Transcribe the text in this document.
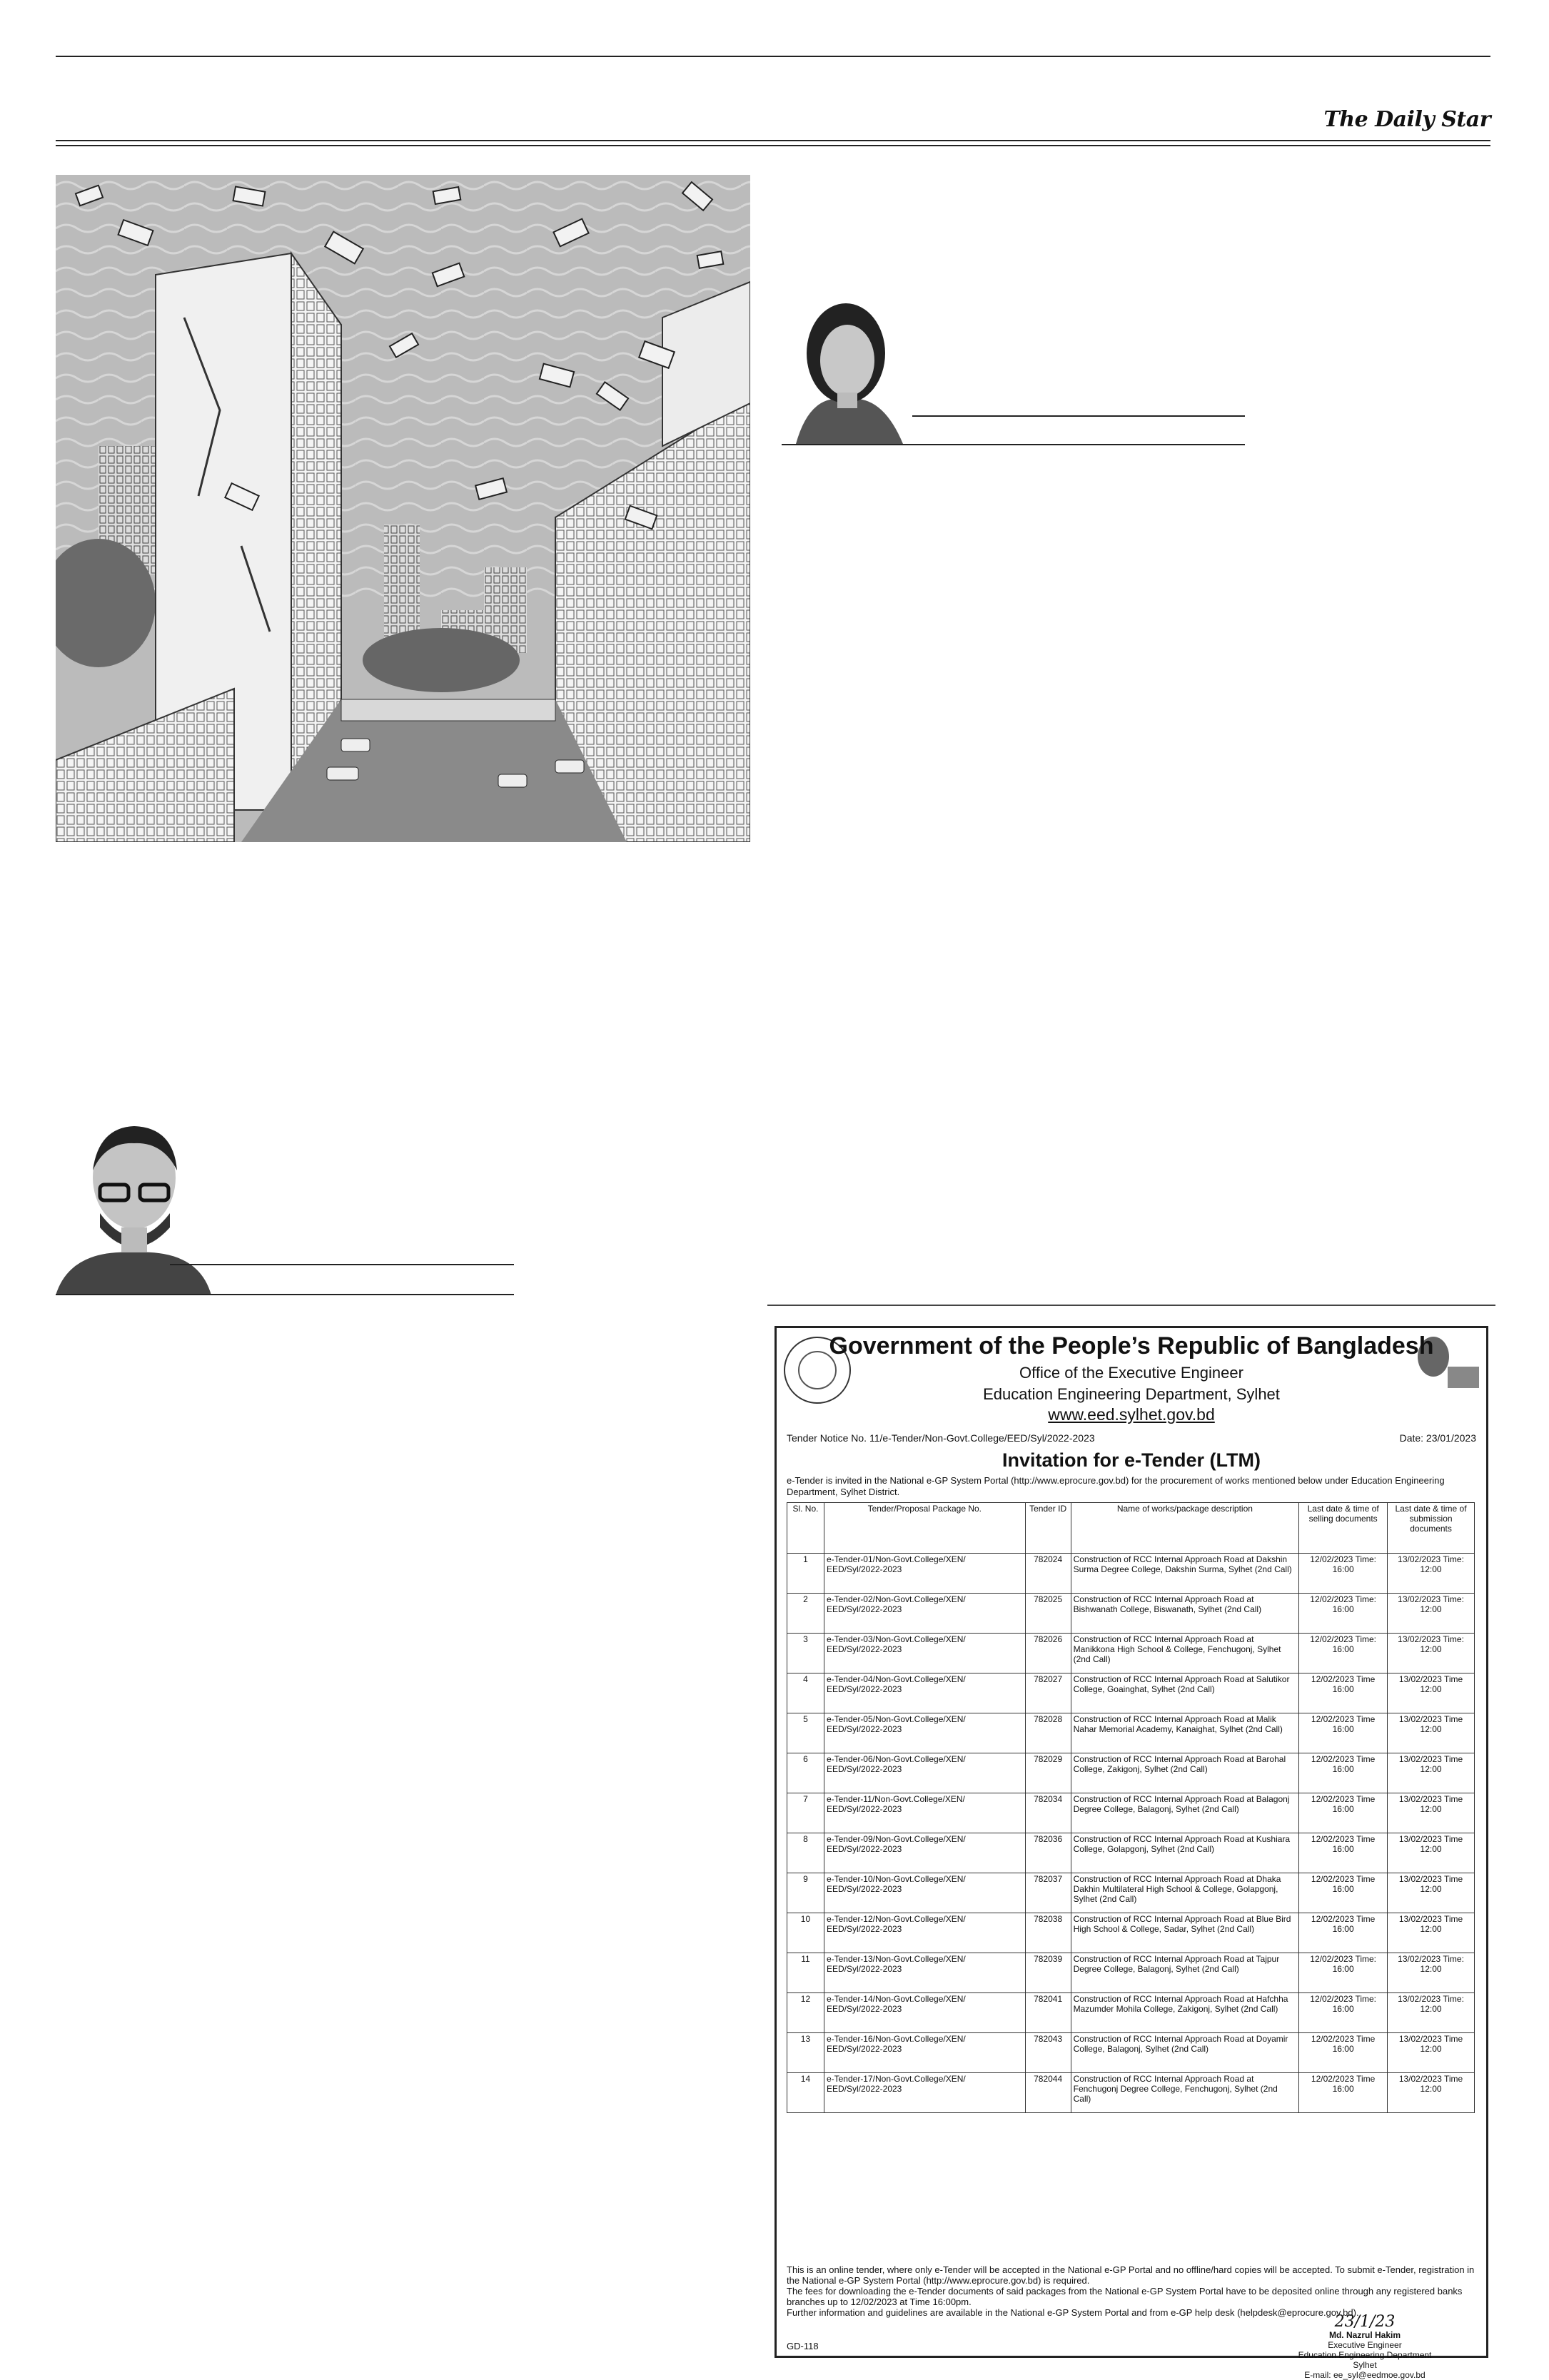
The Daily Star
Government of the People’s Republic of Bangladesh
Office of the Executive Engineer
Education Engineering Department, Sylhet
www.eed.sylhet.gov.bd
Tender Notice No. 11/e-Tender/Non-Govt.College/EED/Syl/2022-2023	Date: 23/01/2023
Invitation for e-Tender (LTM)
e-Tender is invited in the National e-GP System Portal (http://www.eprocure.gov.bd) for the procurement of works mentioned below under Education Engineering Department, Sylhet District.
Sl. No.	Tender/Proposal Package No.	Tender ID	Name of works/package description	Last date & time of selling documents	Last date & time of submission documents
1	e-Tender-01/Non-Govt.College/XEN/ EED/Syl/2022-2023	782024	Construction of RCC Internal Approach Road at Dakshin Surma Degree College, Dakshin Surma, Sylhet (2nd Call)	12/02/2023 Time: 16:00	13/02/2023 Time: 12:00
2	e-Tender-02/Non-Govt.College/XEN/ EED/Syl/2022-2023	782025	Construction of RCC Internal Approach Road at Bishwanath College, Biswanath, Sylhet (2nd Call)	12/02/2023 Time: 16:00	13/02/2023 Time: 12:00
3	e-Tender-03/Non-Govt.College/XEN/ EED/Syl/2022-2023	782026	Construction of RCC Internal Approach Road at Manikkona High School & College, Fenchugonj, Sylhet (2nd Call)	12/02/2023 Time: 16:00	13/02/2023 Time: 12:00
4	e-Tender-04/Non-Govt.College/XEN/ EED/Syl/2022-2023	782027	Construction of RCC Internal Approach Road at Salutikor College, Goainghat, Sylhet (2nd Call)	12/02/2023 Time 16:00	13/02/2023 Time 12:00
5	e-Tender-05/Non-Govt.College/XEN/ EED/Syl/2022-2023	782028	Construction of RCC Internal Approach Road at Malik Nahar Memorial Academy, Kanaighat, Sylhet (2nd Call)	12/02/2023 Time 16:00	13/02/2023 Time 12:00
6	e-Tender-06/Non-Govt.College/XEN/ EED/Syl/2022-2023	782029	Construction of RCC Internal Approach Road at Barohal College, Zakigonj, Sylhet (2nd Call)	12/02/2023 Time 16:00	13/02/2023 Time 12:00
7	e-Tender-11/Non-Govt.College/XEN/ EED/Syl/2022-2023	782034	Construction of RCC Internal Approach Road at Balagonj Degree College, Balagonj, Sylhet (2nd Call)	12/02/2023 Time 16:00	13/02/2023 Time 12:00
8	e-Tender-09/Non-Govt.College/XEN/ EED/Syl/2022-2023	782036	Construction of RCC Internal Approach Road at Kushiara College, Golapgonj, Sylhet (2nd Call)	12/02/2023 Time 16:00	13/02/2023 Time 12:00
9	e-Tender-10/Non-Govt.College/XEN/ EED/Syl/2022-2023	782037	Construction of RCC Internal Approach Road at Dhaka Dakhin Multilateral High School & College, Golapgonj, Sylhet (2nd Call)	12/02/2023 Time 16:00	13/02/2023 Time 12:00
10	e-Tender-12/Non-Govt.College/XEN/ EED/Syl/2022-2023	782038	Construction of RCC Internal Approach Road at Blue Bird High School & College, Sadar, Sylhet (2nd Call)	12/02/2023 Time 16:00	13/02/2023 Time 12:00
11	e-Tender-13/Non-Govt.College/XEN/ EED/Syl/2022-2023	782039	Construction of RCC Internal Approach Road at Tajpur Degree College, Balagonj, Sylhet (2nd Call)	12/02/2023 Time: 16:00	13/02/2023 Time: 12:00
12	e-Tender-14/Non-Govt.College/XEN/ EED/Syl/2022-2023	782041	Construction of RCC Internal Approach Road at Hafchha Mazumder Mohila College, Zakigonj, Sylhet (2nd Call)	12/02/2023 Time: 16:00	13/02/2023 Time: 12:00
13	e-Tender-16/Non-Govt.College/XEN/ EED/Syl/2022-2023	782043	Construction of RCC Internal Approach Road at Doyamir College, Balagonj, Sylhet (2nd Call)	12/02/2023 Time 16:00	13/02/2023 Time 12:00
14	e-Tender-17/Non-Govt.College/XEN/ EED/Syl/2022-2023	782044	Construction of RCC Internal Approach Road at Fenchugonj Degree College, Fenchugonj, Sylhet (2nd Call)	12/02/2023 Time 16:00	13/02/2023 Time 12:00
This is an online tender, where only e-Tender will be accepted in the National e-GP Portal and no offline/hard copies will be accepted. To submit e-Tender, registration in the National e-GP System Portal (http://www.eprocure.gov.bd) is required.
The fees for downloading the e-Tender documents of said packages from the National e-GP System Portal have to be deposited online through any registered banks branches up to 12/02/2023 at Time 16:00pm.
Further information and guidelines are available in the National e-GP System Portal and from e-GP help desk (helpdesk@eprocure.gov.bd).
23/1/23
Md. Nazrul Hakim
Executive Engineer
Education Engineering Department
Sylhet
E-mail: ee_syl@eedmoe.gov.bd
GD-118
